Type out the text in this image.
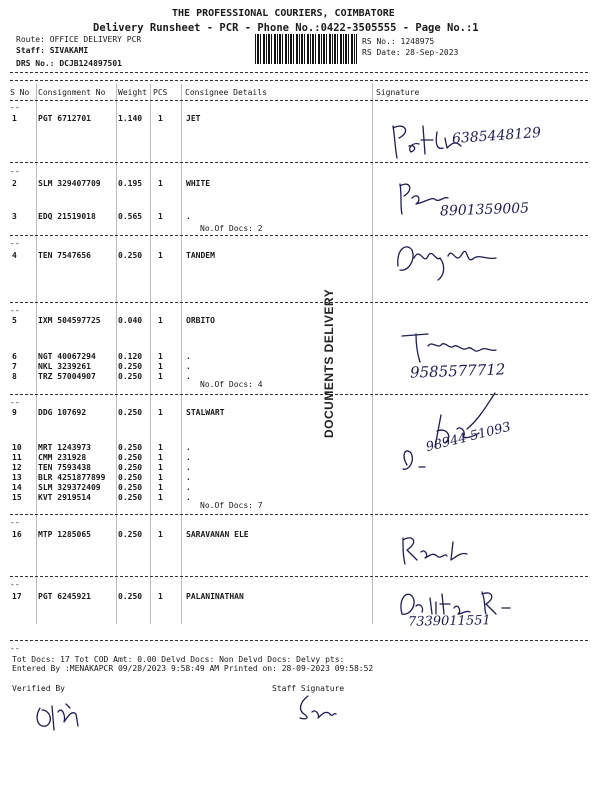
THE PROFESSIONAL COURIERS, COIMBATORE
Delivery Runsheet - PCR - Phone No.:0422-3505555 - Page No.:1
Route: OFFICE DELIVERY PCR
Staff: SIVAKAMI
DRS No.: DCJB124897501
RS No.: 1248975
RS Date: 28-Sep-2023
S No Consignment No Weight PCS Consignee Details	Signature
--
--
--
--
--
--
--
--
1	PGT 6712701	1.140 1	JET
2	SLM 329407709 0.195 1	WHITE
3	EDQ 21519018	0.565 1	.
No.Of Docs: 2
4	TEN 7547656	0.250 1	TANDEM
5	IXM 504597725 0.040 1	ORBITO
6	NGT 40067294	0.120 1	.
7	NKL 3239261	0.250 1	.
8	TRZ 57004907	0.250 1	.
No.Of Docs: 4
9	DDG 107692	0.250 1	STALWART
10 MRT 1243973	0.250 1	.
11 CMM 231928	0.250 1	.
12 TEN 7593438	0.250 1	.
13 BLR 4251877899 0.250 1	.
14 SLM 329372409 0.250 1	.
15 KVT 2919514	0.250 1	.
No.Of Docs: 7
16 MTP 1285065	0.250 1	SARAVANAN ELE
17 PGT 6245921	0.250 1	PALANINATHAN
DOCUMENTS DELIVERY
6385448129
8901359005
9585577712
98944 51093
7339011551
Tot Docs: 17 Tot COD Amt: 0.00 Delvd Docs: Non Delvd Docs: Delvy pts:
Entered By :MENAKAPCR 09/28/2023 9:58:49 AM Printed on: 28-09-2023 09:58:52
Verified By	Staff Signature
